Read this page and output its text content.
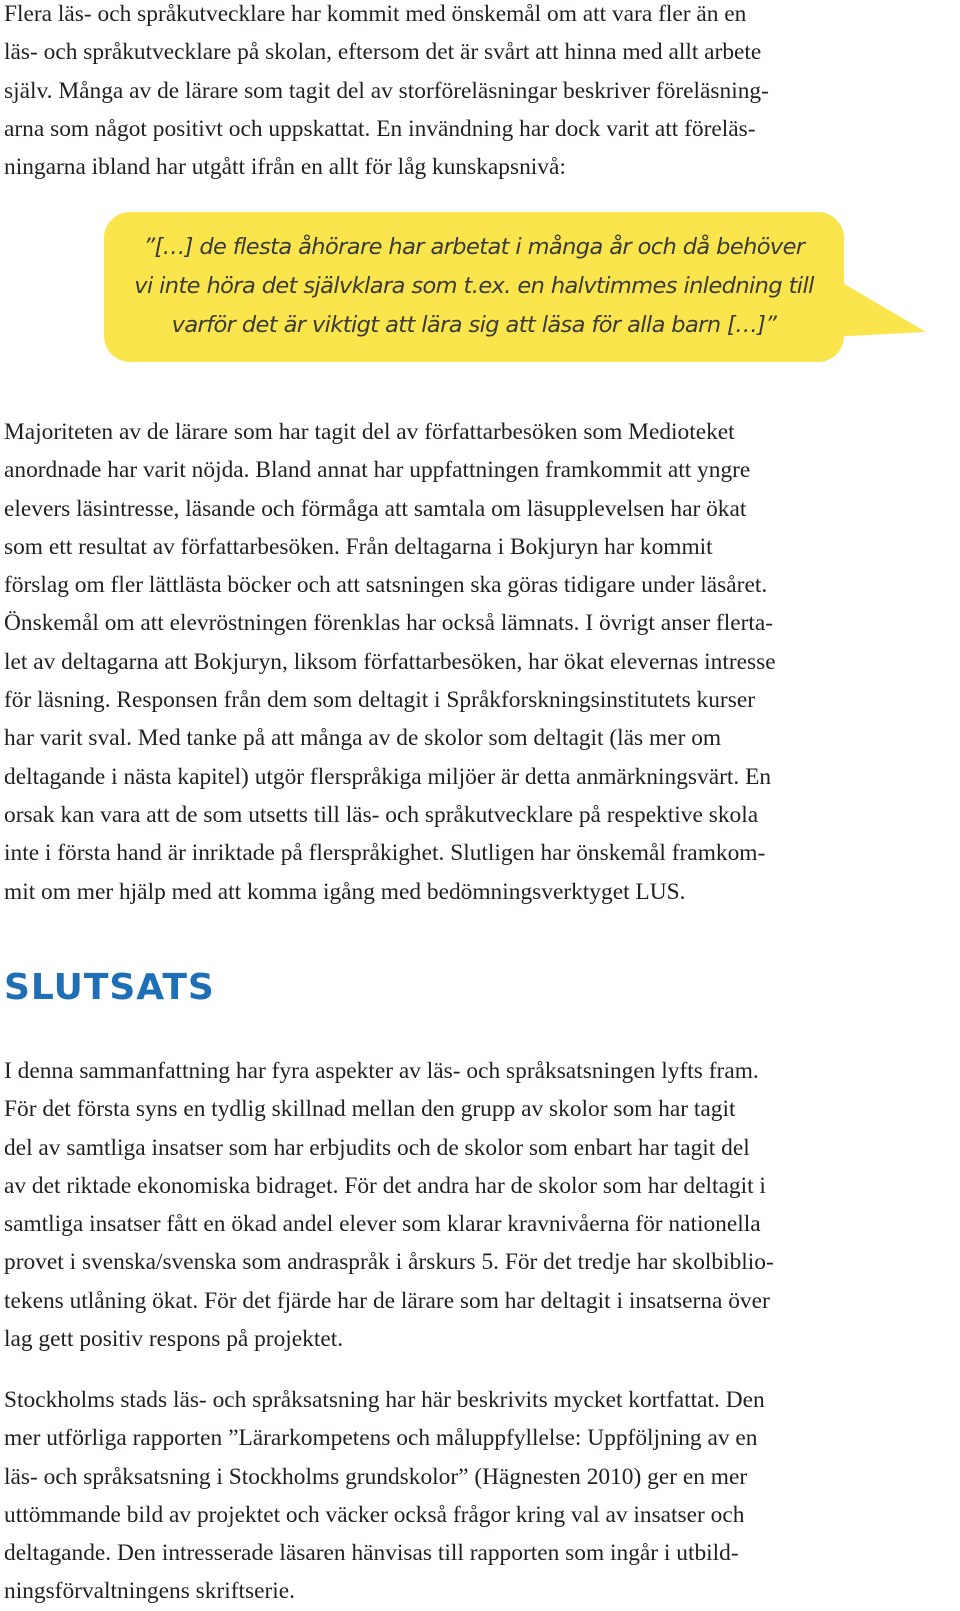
Flera läs- och språkutvecklare har kommit med önskemål om att vara fler än en
läs- och språkutvecklare på skolan, eftersom det är svårt att hinna med allt arbete
själv. Många av de lärare som tagit del av storföreläsningar beskriver föreläsning-
arna som något positivt och uppskattat. En invändning har dock varit att föreläs-
ningarna ibland har utgått ifrån en allt för låg kunskapsnivå:

”[…] de flesta åhörare har arbetat i många år och då behöver
vi inte höra det självklara som t.ex. en halvtimmes inledning till
varför det är viktigt att lära sig att läsa för alla barn […]”

Majoriteten av de lärare som har tagit del av författarbesöken som Medioteket
anordnade har varit nöjda. Bland annat har uppfattningen framkommit att yngre
elevers läsintresse, läsande och förmåga att samtala om läsupplevelsen har ökat
som ett resultat av författarbesöken. Från deltagarna i Bokjuryn har kommit
förslag om fler lättlästa böcker och att satsningen ska göras tidigare under läsåret.
Önskemål om att elevröstningen förenklas har också lämnats. I övrigt anser flerta-
let av deltagarna att Bokjuryn, liksom författarbesöken, har ökat elevernas intresse
för läsning. Responsen från dem som deltagit i Språkforskningsinstitutets kurser
har varit sval. Med tanke på att många av de skolor som deltagit (läs mer om
deltagande i nästa kapitel) utgör flerspråkiga miljöer är detta anmärkningsvärt. En
orsak kan vara att de som utsetts till läs- och språkutvecklare på respektive skola
inte i första hand är inriktade på flerspråkighet. Slutligen har önskemål framkom-
mit om mer hjälp med att komma igång med bedömningsverktyget LUS.

SLUTSATS

I denna sammanfattning har fyra aspekter av läs- och språksatsningen lyfts fram.
För det första syns en tydlig skillnad mellan den grupp av skolor som har tagit
del av samtliga insatser som har erbjudits och de skolor som enbart har tagit del
av det riktade ekonomiska bidraget. För det andra har de skolor som har deltagit i
samtliga insatser fått en ökad andel elever som klarar kravnivåerna för nationella
provet i svenska/svenska som andraspråk i årskurs 5. För det tredje har skolbiblio-
tekens utlåning ökat. För det fjärde har de lärare som har deltagit i insatserna över
lag gett positiv respons på projektet.

Stockholms stads läs- och språksatsning har här beskrivits mycket kortfattat. Den
mer utförliga rapporten ”Lärarkompetens och måluppfyllelse: Uppföljning av en
läs- och språksatsning i Stockholms grundskolor” (Hägnesten 2010) ger en mer
uttömmande bild av projektet och väcker också frågor kring val av insatser och
deltagande. Den intresserade läsaren hänvisas till rapporten som ingår i utbild-
ningsförvaltningens skriftserie.
